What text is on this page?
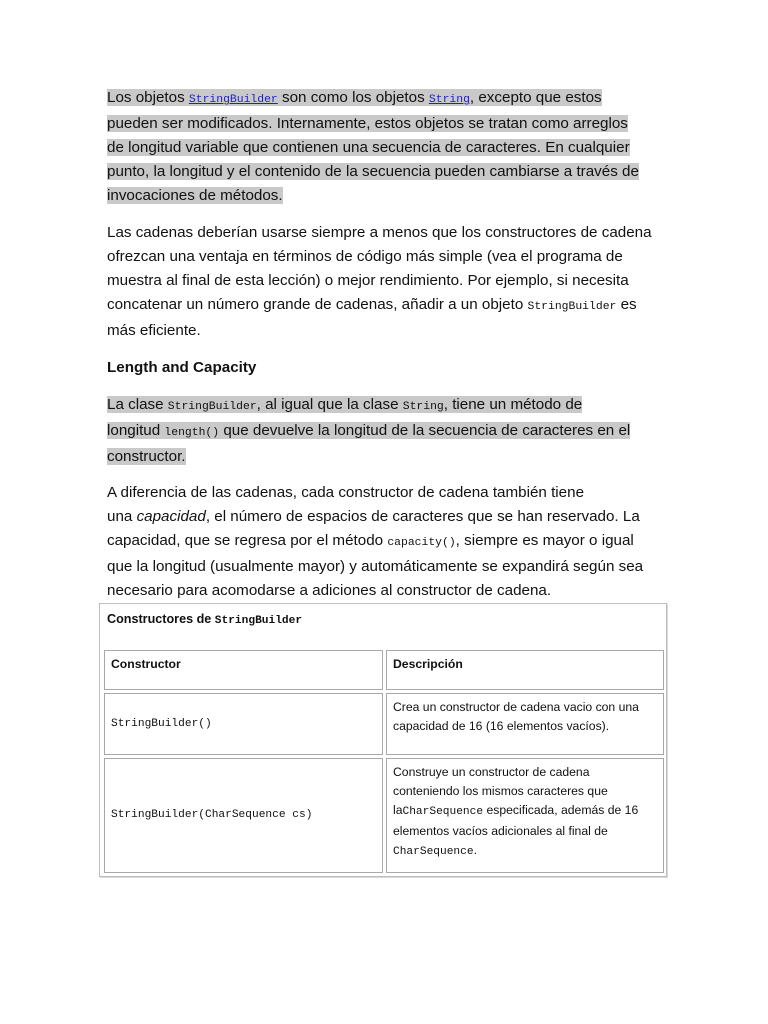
Los objetos StringBuilder son como los objetos String, excepto que estos
pueden ser modificados. Internamente, estos objetos se tratan como arreglos
de longitud variable que contienen una secuencia de caracteres. En cualquier
punto, la longitud y el contenido de la secuencia pueden cambiarse a través de
invocaciones de métodos.

Las cadenas deberían usarse siempre a menos que los constructores de cadena
ofrezcan una ventaja en términos de código más simple (vea el programa de
muestra al final de esta lección) o mejor rendimiento. Por ejemplo, si necesita
concatenar un número grande de cadenas, añadir a un objeto StringBuilder es
más eficiente.

Length and Capacity

La clase StringBuilder, al igual que la clase String, tiene un método de
longitud length() que devuelve la longitud de la secuencia de caracteres en el
constructor.

A diferencia de las cadenas, cada constructor de cadena también tiene
una capacidad, el número de espacios de caracteres que se han reservado. La
capacidad, que se regresa por el método capacity(), siempre es mayor o igual
que la longitud (usualmente mayor) y automáticamente se expandirá según sea
necesario para acomodarse a adiciones al constructor de cadena.

Constructores de StringBuilder
Constructor	Descripción
StringBuilder()
Crea un constructor de cadena vacio con una capacidad de 16 (16 elementos vacíos).
StringBuilder(CharSequence cs)
Construye un constructor de cadena conteniendo los mismos caracteres que laCharSequence especificada, además de 16 elementos vacíos adicionales al final de CharSequence.
